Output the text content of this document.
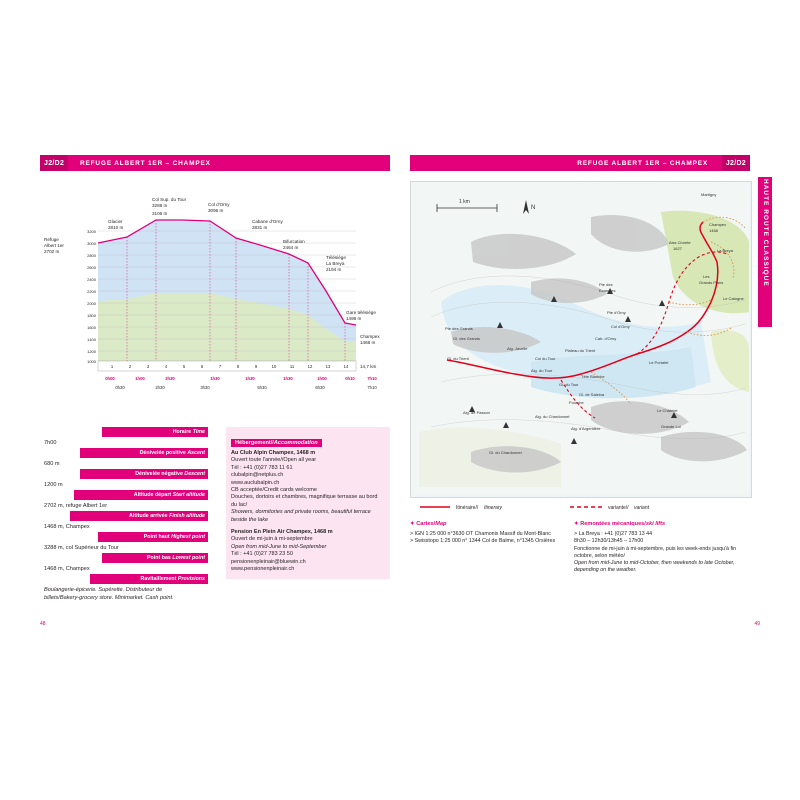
J2/D2	REFUGE ALBERT 1ER – CHAMPEX	J2/D2
REFUGE ALBERT 1ER – CHAMPEX
HAUTE ROUTE CLASSIQUE
3200
3000
2800
2600
2400
2200
2000
1800
1600
1400
1200
1000
1	2	3	4	5	6	7	8	9	10	11	12	13	14	14,7 km
0h00	1h00	2h30	1h30	1h30	1h30	1h00	0h10	7h10
0h30	2h30	3h30	5h30	6h30	7h10
Refuge
Albert 1er
2702 m
Glacier
2810 m
Col Sup. du Tour
3288 m
3106 m
Col d'Orny
3096 m
Cabane d'Orny
2831 m
Bifurcation
2464 m
Télésiège
La Breya
2194 m
Gare télésiège
1498 m
Champex
1468 m
Horaire Time
7h00
Dénivelée positive Ascent
680 m
Dénivelée négative Descent
1200 m
Altitude départ Start altitude
2702 m, refuge Albert 1er
Altitude arrivée Finish altitude
1468 m, Champex
Point haut Highest point
3288 m, col Supérieur du Tour
Point bas Lowest point
1468 m, Champex
Ravitaillement Provisions
Boulangerie-épicerie. Supérette. Distributeur de billets/Bakery-grocery store. Minimarket. Cash point.
Hébergement//Accommodation

Au Club Alpin Champex, 1468 m

Ouvert toute l'année//Open all year

Tél : +41 (0)27 783 11 61

clubalpin@netplus.ch

www.auclubalpin.ch

CB acceptée/Credit cards welcome

Douches, dortoirs et chambres, magnifique terrasse au bord du lac/

Showers, dormitories and private rooms, beautiful terrace beside the lake

Pension En Plein Air Champex, 1468 m

Ouvert de mi-juin à mi-septembre

Open from mid-June to mid-September

Tél : +41 (0)27 783 23 50

pensionenpleinair@bluewin.ch

www.pensionenpleinair.ch

1 km
N
Martigny
Champex
1468
Aiss Clorete
1627	La Breya
Les
Grands Plans
Le Catogne
Pte des
Ecandies
Pte d'Orny
Col d'Orny
Cab. d'Orny
Plateau du Trient
Gl. du Trient
Le Portalet
Aig. du Tour
Gl. du Tour
Tête Blanche
Gl. de Saleina
Fourche
Le Châtelet
Aig. du Chardonnet
Aig. d'Argentière	Grande Lui
Aig. de Passon
Gl. des Grands
Pte des Grands
Col du Tour
Aig. Javelle
Gl. du Chardonnet
Itinéraire// Itinerary	variante// variant
✦ Cartes/Map

> IGN 1:25 000 n°3630 OT Chamonix Massif du Mont-Blanc

> Swisstopo 1:25 000 n° 1344 Col de Balme, n°1345 Orsières

✦ Remontées mécaniques/ski lifts

> La Breya : +41 (0)27 783 13 44

8h30 – 12h30/13h45 – 17h00

Fonctionne de mi-juin à mi-septembre, puis les week-ends jusqu'à fin octobre, selon météo/

Open from mid-June to mid-October, then weekends to late October, depending on the weather.

48	49
